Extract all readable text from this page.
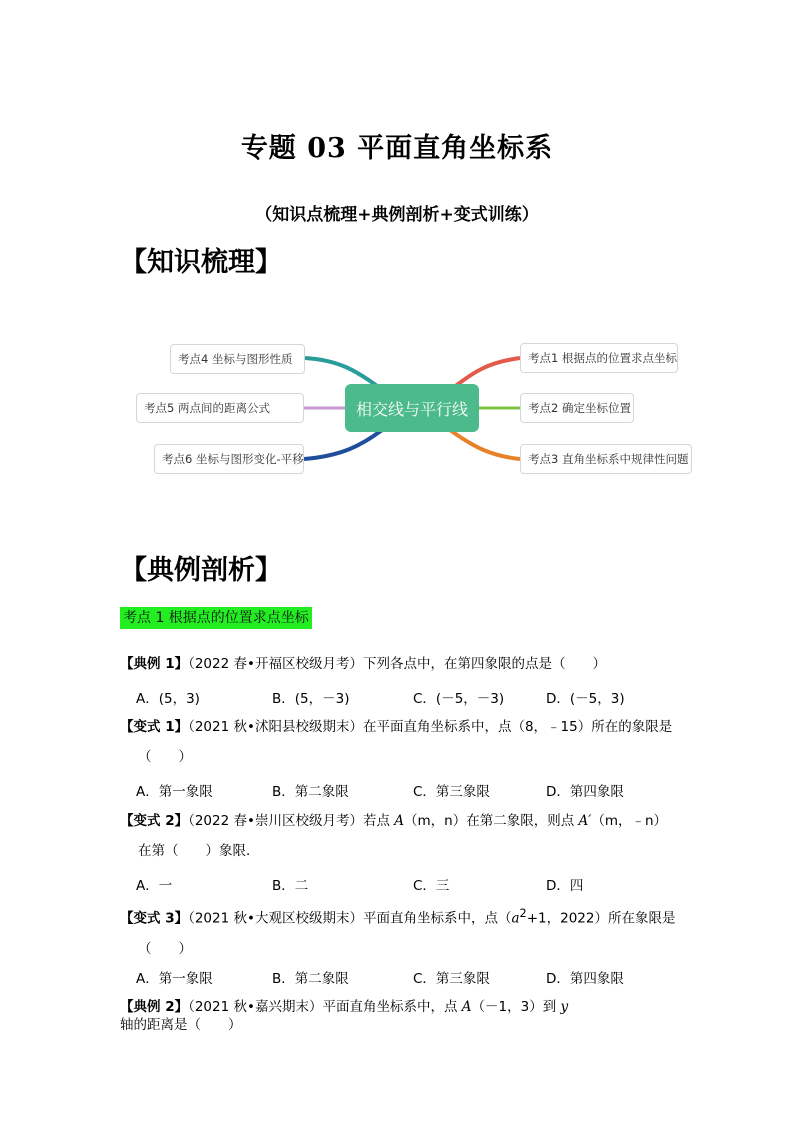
专题 03 平面直角坐标系
（知识点梳理+典例剖析+变式训练）
【知识梳理】
相交线与平行线
考点4 坐标与图形性质
考点5 两点间的距离公式
考点6 坐标与图形变化-平移
考点1 根据点的位置求点坐标
考点2 确定坐标位置
考点3 直角坐标系中规律性问题
【典例剖析】
考点 1 根据点的位置求点坐标
【典例 1】（2022 春•开福区校级月考）下列各点中，在第四象限的点是（　　）
A．(5，3)	B．(5，－3)	C．(－5，－3)	D．(－5，3)
【变式 1】（2021 秋•沭阳县校级期末）在平面直角坐标系中，点（8，﹣15）所在的象限是
（　　）
A．第一象限	B．第二象限	C．第三象限	D．第四象限
【变式 2】（2022 春•崇川区校级月考）若点 A（m，n）在第二象限，则点 A′（m，﹣n）
在第（　　）象限．
A．一	B．二	C．三	D．四
【变式 3】（2021 秋•大观区校级期末）平面直角坐标系中，点（$a^2+1$，2022）所在象限是
（　　）
A．第一象限	B．第二象限	C．第三象限	D．第四象限
【典例 2】（2021 秋•嘉兴期末）平面直角坐标系中，点 A（－1，3）到 y 轴的距离是（　　）
